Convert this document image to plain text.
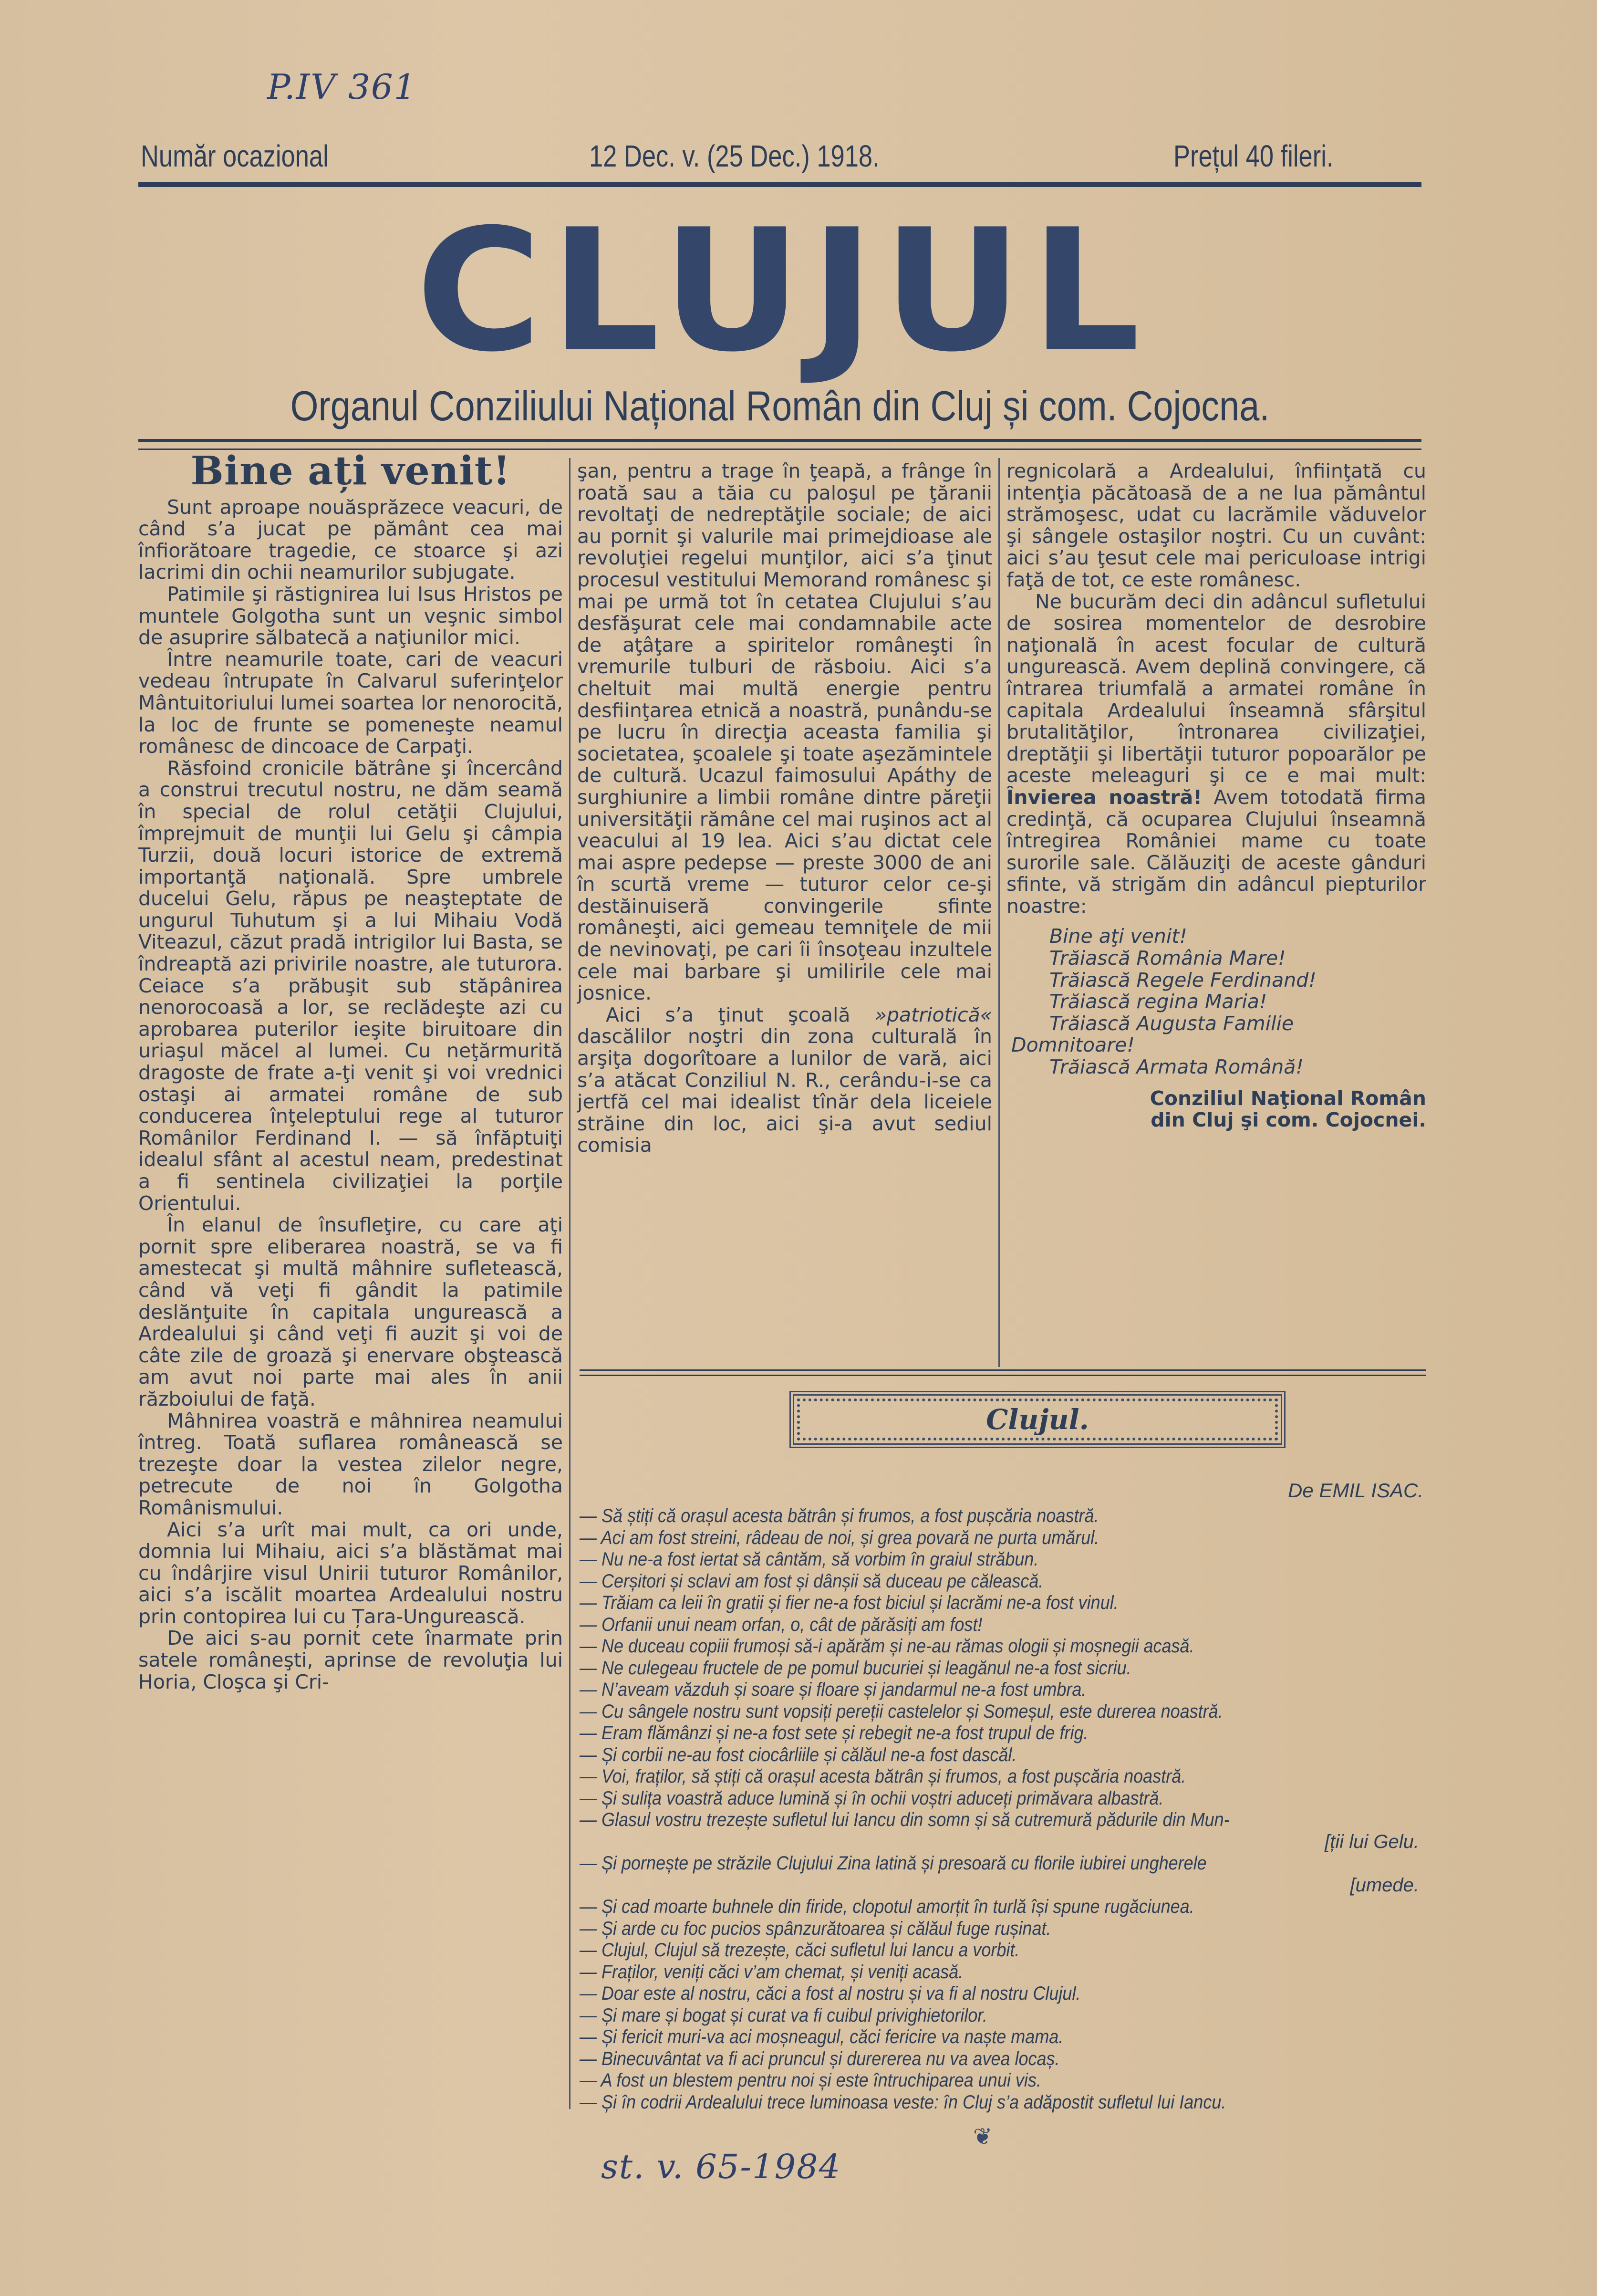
P.IV 361
Număr ocazional	12 Dec. v. (25 Dec.) 1918.	Prețul 40 fileri.
CLUJUL
Organul Conziliului Național Român din Cluj și com. Cojocna.
Bine ați venit!

Sunt aproape nouăsprăzece veacuri, de când s’a jucat pe pământ cea mai înfiorătoare tragedie, ce stoarce şi azi lacrimi din ochii neamurilor subjugate.

Patimile şi răstignirea lui Isus Hristos pe muntele Golgotha sunt un veşnic simbol de asuprire sălbatecă a naţiunilor mici.

Între neamurile toate, cari de veacuri vedeau întrupate în Calvarul suferinţelor Mântuitoriului lumei soartea lor nenorocită, la loc de frunte se pomeneşte neamul românesc de dincoace de Carpaţi.

Răsfoind cronicile bătrâne şi încercând a construi trecutul nostru, ne dăm seamă în special de rolul cetăţii Clujului, împrejmuit de munţii lui Gelu şi câmpia Turzii, două locuri istorice de extremă importanţă naţională. Spre umbrele ducelui Gelu, răpus pe neaşteptate de ungurul Tuhutum şi a lui Mihaiu Vodă Viteazul, căzut pradă intrigilor lui Basta, se îndreaptă azi privirile noastre, ale tuturora. Ceiace s’a prăbuşit sub stăpânirea nenorocoasă a lor, se reclădeşte azi cu aprobarea puterilor ieşite biruitoare din uriaşul măcel al lumei. Cu neţărmurită dragoste de frate a-ţi venit şi voi vrednici ostaşi ai armatei române de sub conducerea înţeleptului rege al tuturor Românilor Ferdinand I. — să înfăptuiţi idealul sfânt al acestul neam, predestinat a fi sentinela civilizaţiei la porţile Orientului.

În elanul de însufleţire, cu care aţi pornit spre eliberarea noastră, se va fi amestecat şi multă mâhnire sufletească, când vă veţi fi gândit la patimile deslănţuite în capitala ungurească a Ardealului şi când veţi fi auzit şi voi de câte zile de groază şi enervare obştească am avut noi parte mai ales în anii războiului de faţă.

Mâhnirea voastră e mâhnirea neamului întreg. Toată suflarea românească se trezeşte doar la vestea zilelor negre, petrecute de noi în Golgotha Românismului.

Aici s’a urît mai mult, ca ori unde, domnia lui Mihaiu, aici s’a blăstămat mai cu îndârjire visul Unirii tuturor Românilor, aici s’a iscălit moartea Ardealului nostru prin contopirea lui cu Țara-Ungurească.

De aici s-au pornit cete înarmate prin satele româneşti, aprinse de revoluţia lui Horia, Cloşca şi Cri-

şan, pentru a trage în ţeapă, a frânge în roată sau a tăia cu paloşul pe ţăranii revoltaţi de nedreptăţile sociale; de aici au pornit şi valurile mai primejdioase ale revoluţiei regelui munţilor, aici s’a ţinut procesul vestitului Memorand românesc şi mai pe urmă tot în cetatea Clujului s’au desfăşurat cele mai condamnabile acte de aţâţare a spiritelor româneşti în vremurile tulburi de răsboiu. Aici s’a cheltuit mai multă energie pentru desfiinţarea etnică a noastră, punându-se pe lucru în direcţia aceasta familia şi societatea, şcoalele şi toate aşezămintele de cultură. Ucazul faimosului Apáthy de surghiunire a limbii române dintre păreţii universităţii rămâne cel mai ruşinos act al veacului al 19 lea. Aici s’au dictat cele mai aspre pedepse — preste 3000 de ani în scurtă vreme — tuturor celor ce-şi destăinuiseră convingerile sfinte româneşti, aici gemeau temniţele de mii de nevinovaţi, pe cari îi însoţeau inzultele cele mai barbare şi umilirile cele mai josnice.

Aici s’a ţinut şcoală »patriotică« dascălilor noştri din zona culturală în arşiţa dogorîtoare a lunilor de vară, aici s’a atăcat Conziliul N. R., cerându-i-se ca jertfă cel mai idealist tînăr dela liceiele străine din loc, aici şi-a avut sediul comisia

regnicolară a Ardealului, înfiinţată cu intenţia păcătoasă de a ne lua pământul strămoşesc, udat cu lacrămile văduvelor şi sângele ostaşilor noştri. Cu un cuvânt: aici s’au ţesut cele mai periculoase intrigi faţă de tot, ce este românesc.

Ne bucurăm deci din adâncul sufletului de sosirea momentelor de desrobire naţională în acest focular de cultură ungurească. Avem deplină convingere, că întrarea triumfală a armatei române în capitala Ardealului înseamnă sfârşitul brutalităţilor, întronarea civilizaţiei, dreptăţii şi libertăţii tuturor popoarălor pe aceste meleaguri şi ce e mai mult: Învierea noastră! Avem totodată firma credinţă, că ocuparea Clujului înseamnă întregirea României mame cu toate surorile sale. Călăuziţi de aceste gânduri sfinte, vă strigăm din adâncul piepturilor noastre:

Bine aţi venit!
Trăiască România Mare!
Trăiască Regele Ferdinand!
Trăiască regina Maria!
Trăiască Augusta Familie
Domnitoare!
Trăiască Armata Română!
Conziliul Naţional Român
din Cluj şi com. Cojocnei.
Clujul.
De EMIL ISAC.
— Să știți că orașul acesta bătrân și frumos, a fost pușcăria noastră.
— Aci am fost streini, râdeau de noi, și grea povară ne purta umărul.
— Nu ne-a fost iertat să cântăm, să vorbim în graiul străbun.
— Cerșitori și sclavi am fost și dânșii să duceau pe călească.
— Trăiam ca leii în gratii și fier ne-a fost biciul și lacrămi ne-a fost vinul.
— Orfanii unui neam orfan, o, cât de părăsiți am fost!
— Ne duceau copiii frumoși să-i apărăm și ne-au rămas ologii și moșnegii acasă.
— Ne culegeau fructele de pe pomul bucuriei și leagănul ne-a fost sicriu.
— N’aveam văzduh și soare și floare și jandarmul ne-a fost umbra.
— Cu sângele nostru sunt vopsiți pereții castelelor și Someșul, este durerea noastră.
— Eram flămânzi și ne-a fost sete și rebegit ne-a fost trupul de frig.
— Și corbii ne-au fost ciocârliile și călăul ne-a fost dascăl.
— Voi, fraților, să știți că orașul acesta bătrân și frumos, a fost pușcăria noastră.
— Și sulița voastră aduce lumină și în ochii voștri aduceți primăvara albastră.
— Glasul vostru trezește sufletul lui Iancu din somn și să cutremură pădurile din Mun-
[ții lui Gelu.
— Și pornește pe străzile Clujului Zina latină și presoară cu florile iubirei ungherele
[umede.
— Și cad moarte buhnele din firide, clopotul amorțit în turlă își spune rugăciunea.
— Și arde cu foc pucios spânzurătoarea și călăul fuge rușinat.
— Clujul, Clujul să trezește, căci sufletul lui Iancu a vorbit.
— Fraților, veniți căci v’am chemat, și veniți acasă.
— Doar este al nostru, căci a fost al nostru și va fi al nostru Clujul.
— Și mare și bogat și curat va fi cuibul privighietorilor.
— Și fericit muri-va aci moșneagul, căci fericire va naște mama.
— Binecuvântat va fi aci pruncul și durererea nu va avea locaș.
— A fost un blestem pentru noi și este întruchiparea unui vis.
— Și în codrii Ardealului trece luminoasa veste: în Cluj s’a adăpostit sufletul lui Iancu.
❦
st. v. 65-1984
